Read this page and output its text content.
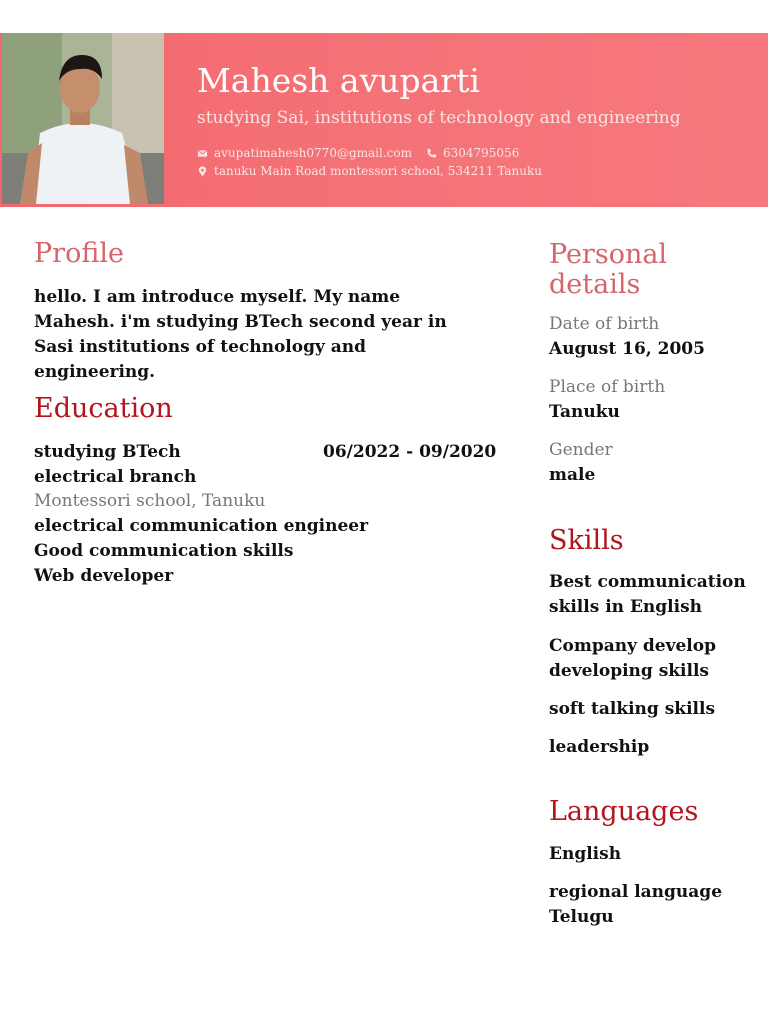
Mahesh avuparti
studying Sai, institutions of technology and engineering
avupatimahesh0770@gmail.com	6304795056
tanuku Main Road montessori school, 534211 Tanuku
Profile
hello. I am introduce myself. My name Mahesh. i'm studying BTech second year in Sasi institutions of technology and engineering.
Education
studying BTech electrical branch
06/2022 - 09/2020
Montessori school, Tanuku
electrical communication engineer
Good communication skills
Web developer
Personal details
Date of birth
August 16, 2005
Place of birth
Tanuku
Gender
male
Skills
Best communication skills in English
Company develop developing skills
soft talking skills
leadership
Languages
English
regional language Telugu
